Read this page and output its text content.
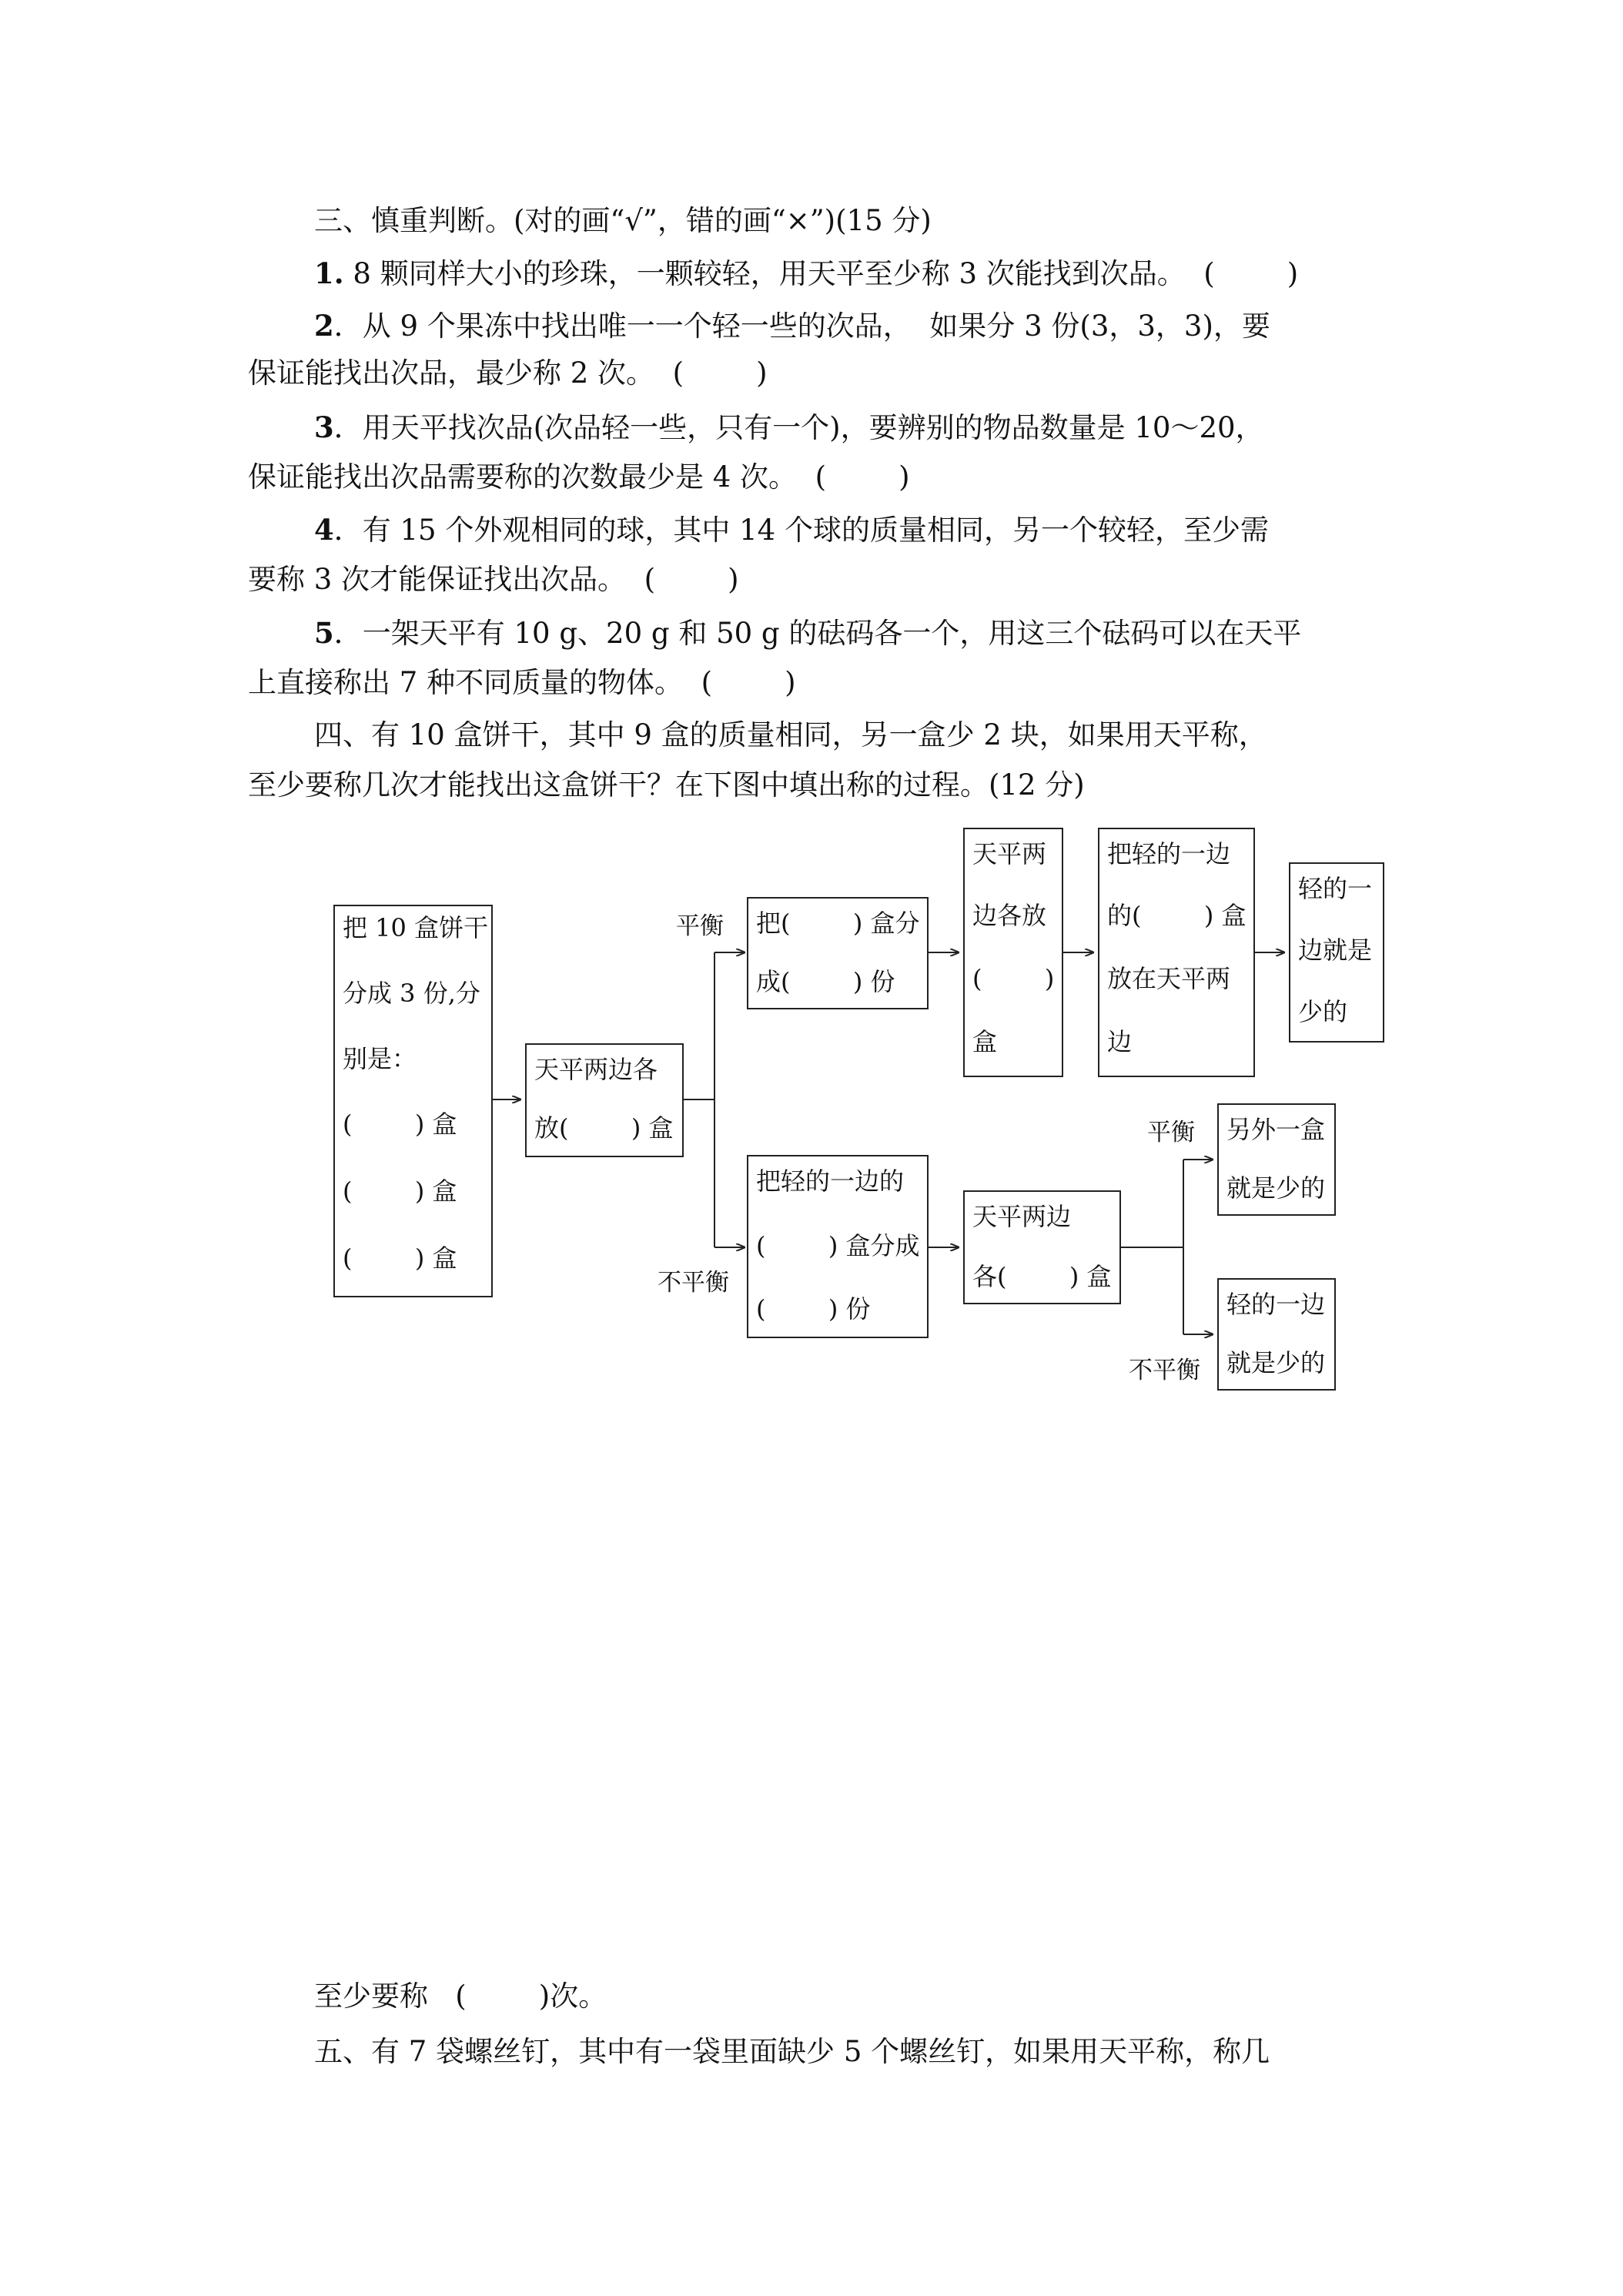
三、慎重判断。(对的画“√”，错的画“×”)(15 分)
1. 8 颗同样大小的珍珠，一颗较轻，用天平至少称 3 次能找到次品。  (        )
2．从 9 个果冻中找出唯一一个轻一些的次品，  如果分 3 份(3，3，3)，要
保证能找出次品，最少称 2 次。  (        )
3．用天平找次品(次品轻一些，只有一个)，要辨别的物品数量是 10～20，
保证能找出次品需要称的次数最少是 4 次。  (        )
4．有 15 个外观相同的球，其中 14 个球的质量相同，另一个较轻，至少需
要称 3 次才能保证找出次品。  (        )
5．一架天平有 10 g、20 g 和 50 g 的砝码各一个，用这三个砝码可以在天平
上直接称出 7 种不同质量的物体。  (        )
四、有 10 盒饼干，其中 9 盒的质量相同，另一盒少 2 块，如果用天平称，
至少要称几次才能找出这盒饼干？在下图中填出称的过程。(12 分)
平衡
不平衡
平衡
不平衡
把 10 盒饼干
分成 3 份,分
别是：
(        ) 盒
(        ) 盒
(        ) 盒
天平两边各
放(        ) 盒
把(        ) 盒分
成(        ) 份
天平两
边各放
(        )
盒
把轻的一边
的(        ) 盒
放在天平两
边
轻的一
边就是
少的
把轻的一边的
(        ) 盒分成
(        ) 份
天平两边
各(        ) 盒
另外一盒
就是少的
轻的一边
就是少的
至少要称   (        )次。
五、有 7 袋螺丝钉，其中有一袋里面缺少 5 个螺丝钉，如果用天平称，称几
